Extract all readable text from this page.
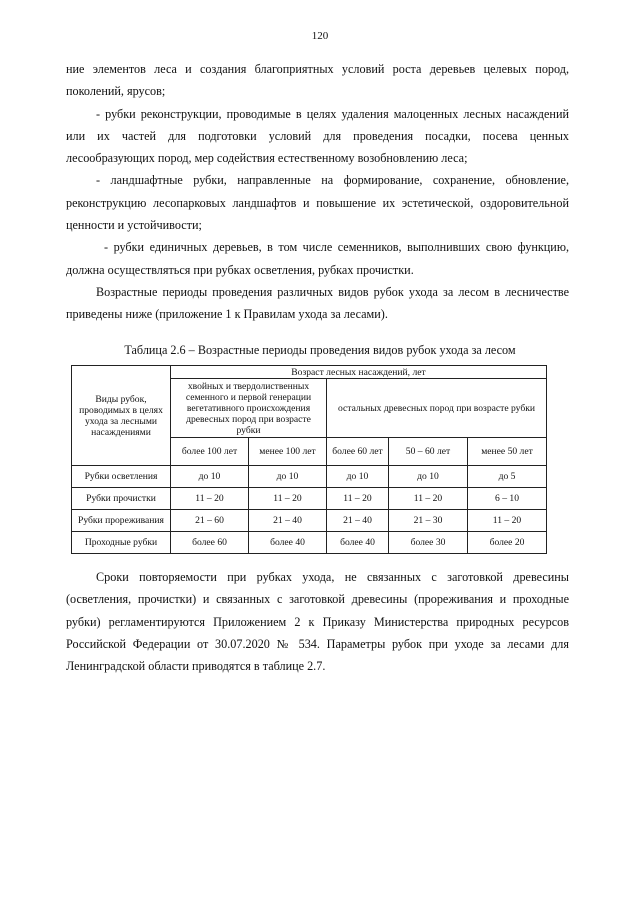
120

ние элементов леса и создания благоприятных условий роста деревьев целевых пород, поколений, ярусов;

- рубки реконструкции, проводимые в целях удаления малоценных лесных насаждений или их частей для подготовки условий для проведения посадки, посева ценных лесообразующих пород, мер содействия естественному возобновлению леса;

- ландшафтные рубки, направленные на формирование, сохранение, обновление, реконструкцию лесопарковых ландшафтов и повышение их эстетической, оздоровительной ценности и устойчивости;

- рубки единичных деревьев, в том числе семенников, выполнивших свою функцию, должна осуществляться при рубках осветления, рубках прочистки.

Возрастные периоды проведения различных видов рубок ухода за лесом в лесничестве приведены ниже (приложение 1 к Правилам ухода за лесами).

Таблица 2.6 – Возрастные периоды проведения видов рубок ухода за лесом
Виды рубок, проводимых в целях ухода за лесными насаждениями	Возраст лесных насаждений, лет				
	хвойных и твердолиственных семенного и первой генерации вегетативного происхождения древесных пород при возрасте рубки		остальных древесных пород при возрасте рубки		
	более 100 лет	менее 100 лет	более 60 лет	50 – 60 лет	менее 50 лет
Рубки осветления	до 10	до 10	до 10	до 10	до 5
Рубки прочистки	11 – 20	11 – 20	11 – 20	11 – 20	6 – 10
Рубки прореживания	21 – 60	21 – 40	21 – 40	21 – 30	11 – 20
Проходные рубки	более 60	более 40	более 40	более 30	более 20

Сроки повторяемости при рубках ухода, не связанных с заготовкой древесины (осветления, прочистки) и связанных с заготовкой древесины (прореживания и проходные рубки) регламентируются Приложением 2 к Приказу Министерства природных ресурсов Российской Федерации от 30.07.2020 № 534. Параметры рубок при уходе за лесами для Ленинградской области приводятся в таблице 2.7.
